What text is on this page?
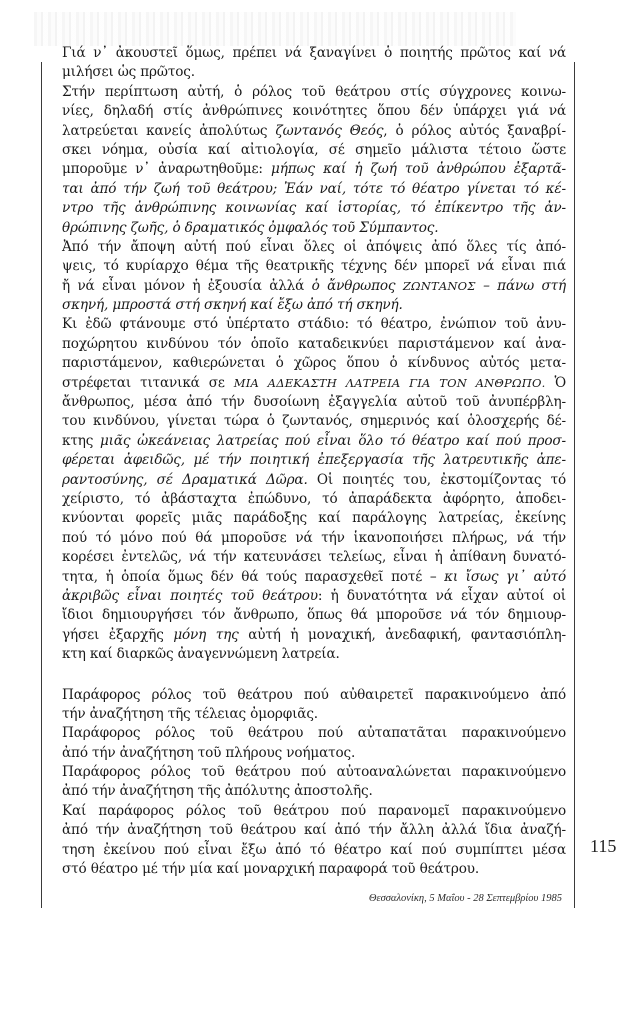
Γιά ν᾽ ἀκουστεῖ ὅμως, πρέπει νά ξαναγίνει ὁ ποιητής πρῶτος καί νά
μιλήσει ὡς πρῶτος.
Στήν περίπτωση αὐτή, ὁ ρόλος τοῦ θεάτρου στίς σύγχρονες κοινω-
νίες, δηλαδή στίς ἀνθρώπινες κοινότητες ὅπου δέν ὑπάρχει γιά νά
λατρεύεται κανείς ἀπολύτως ζωντανός Θεός, ὁ ρόλος αὐτός ξαναβρί-
σκει νόημα, οὐσία καί αἰτιολογία, σέ σημεῖο μάλιστα τέτοιο ὥστε
μποροῦμε ν᾽ ἀναρωτηθοῦμε: μήπως καί ἡ ζωή τοῦ ἀνθρώπου ἐξαρτᾶ-
ται ἀπό τήν ζωή τοῦ θεάτρου; Ἐάν ναί, τότε τό θέατρο γίνεται τό κέ-
ντρο τῆς ἀνθρώπινης κοινωνίας καί ἱστορίας, τό ἐπίκεντρο τῆς ἀν-
θρώπινης ζωῆς, ὁ δραματικός ὀμφαλός τοῦ Σύμπαντος.
Ἀπό τήν ἄποψη αὐτή πού εἶναι ὅλες οἱ ἀπόψεις ἀπό ὅλες τίς ἀπό-
ψεις, τό κυρίαρχο θέμα τῆς θεατρικῆς τέχνης δέν μπορεῖ νά εἶναι πιά
ἤ νά εἶναι μόνον ἡ ἐξουσία ἀλλά ὁ ἄνθρωπος ΖΩΝΤΑΝΟΣ – πάνω στή
σκηνή, μπροστά στή σκηνή καί ἔξω ἀπό τή σκηνή.
Κι ἐδῶ φτάνουμε στό ὑπέρτατο στάδιο: τό θέατρο, ἐνώπιον τοῦ ἀνυ-
ποχώρητου κινδύνου τόν ὁποῖο καταδεικνύει παριστάμενον καί ἀνα-
παριστάμενον, καθιερώνεται ὁ χῶρος ὅπου ὁ κίνδυνος αὐτός μετα-
στρέφεται τιτανικά σε ΜΙΑ ΑΔΕΚΑΣΤΗ ΛΑΤΡΕΙΑ ΓΙΑ ΤΟΝ ΑΝΘΡΩΠΟ. Ὁ
ἄνθρωπος, μέσα ἀπό τήν δυσοίωνη ἐξαγγελία αὐτοῦ τοῦ ἀνυπέρβλη-
του κινδύνου, γίνεται τώρα ὁ ζωντανός, σημερινός καί ὁλοσχερής δέ-
κτης μιᾶς ὠκεάνειας λατρείας πού εἶναι ὅλο τό θέατρο καί πού προσ-
φέρεται ἀφειδῶς, μέ τήν ποιητική ἐπεξεργασία τῆς λατρευτικῆς ἀπε-
ραντοσύνης, σέ Δραματικά Δῶρα. Οἱ ποιητές του, ἐκστομίζοντας τό
χείριστο, τό ἀβάσταχτα ἐπώδυνο, τό ἀπαράδεκτα ἀφόρητο, ἀποδει-
κνύονται φορεῖς μιᾶς παράδοξης καί παράλογης λατρείας, ἐκείνης
πού τό μόνο πού θά μποροῦσε νά τήν ἱκανοποιήσει πλήρως, νά τήν
κορέσει ἐντελῶς, νά τήν κατευνάσει τελείως, εἶναι ἡ ἀπίθανη δυνατό-
τητα, ἡ ὁποία ὅμως δέν θά τούς παρασχεθεῖ ποτέ – κι ἴσως γι᾽ αὐτό
ἀκριβῶς εἶναι ποιητές τοῦ θεάτρου: ἡ δυνατότητα νά εἶχαν αὐτοί οἱ
ἴδιοι δημιουργήσει τόν ἄνθρωπο, ὅπως θά μποροῦσε νά τόν δημιουρ-
γήσει ἐξαρχῆς μόνη της αὐτή ἡ μοναχική, ἀνεδαφική, φαντασιόπλη-
κτη καί διαρκῶς ἀναγεννώμενη λατρεία.
Παράφορος ρόλος τοῦ θεάτρου πού αὐθαιρετεῖ παρακινούμενο ἀπό
τήν ἀναζήτηση τῆς τέλειας ὀμορφιᾶς.
Παράφορος ρόλος τοῦ θεάτρου πού αὐταπατᾶται παρακινούμενο
ἀπό τήν ἀναζήτηση τοῦ πλήρους νοήματος.
Παράφορος ρόλος τοῦ θεάτρου πού αὐτοαναλώνεται παρακινούμενο
ἀπό τήν ἀναζήτηση τῆς ἀπόλυτης ἀποστολῆς.
Καί παράφορος ρόλος τοῦ θεάτρου πού παρανομεῖ παρακινούμενο
ἀπό τήν ἀναζήτηση τοῦ θεάτρου καί ἀπό τήν ἄλλη ἀλλά ἴδια ἀναζή-
τηση ἐκείνου πού εἶναι ἔξω ἀπό τό θέατρο καί πού συμπίπτει μέσα
στό θέατρο μέ τήν μία καί μοναρχική παραφορά τοῦ θεάτρου.
115
Θεσσαλονίκη, 5 Μαΐου - 28 Σεπτεμβρίου 1985
